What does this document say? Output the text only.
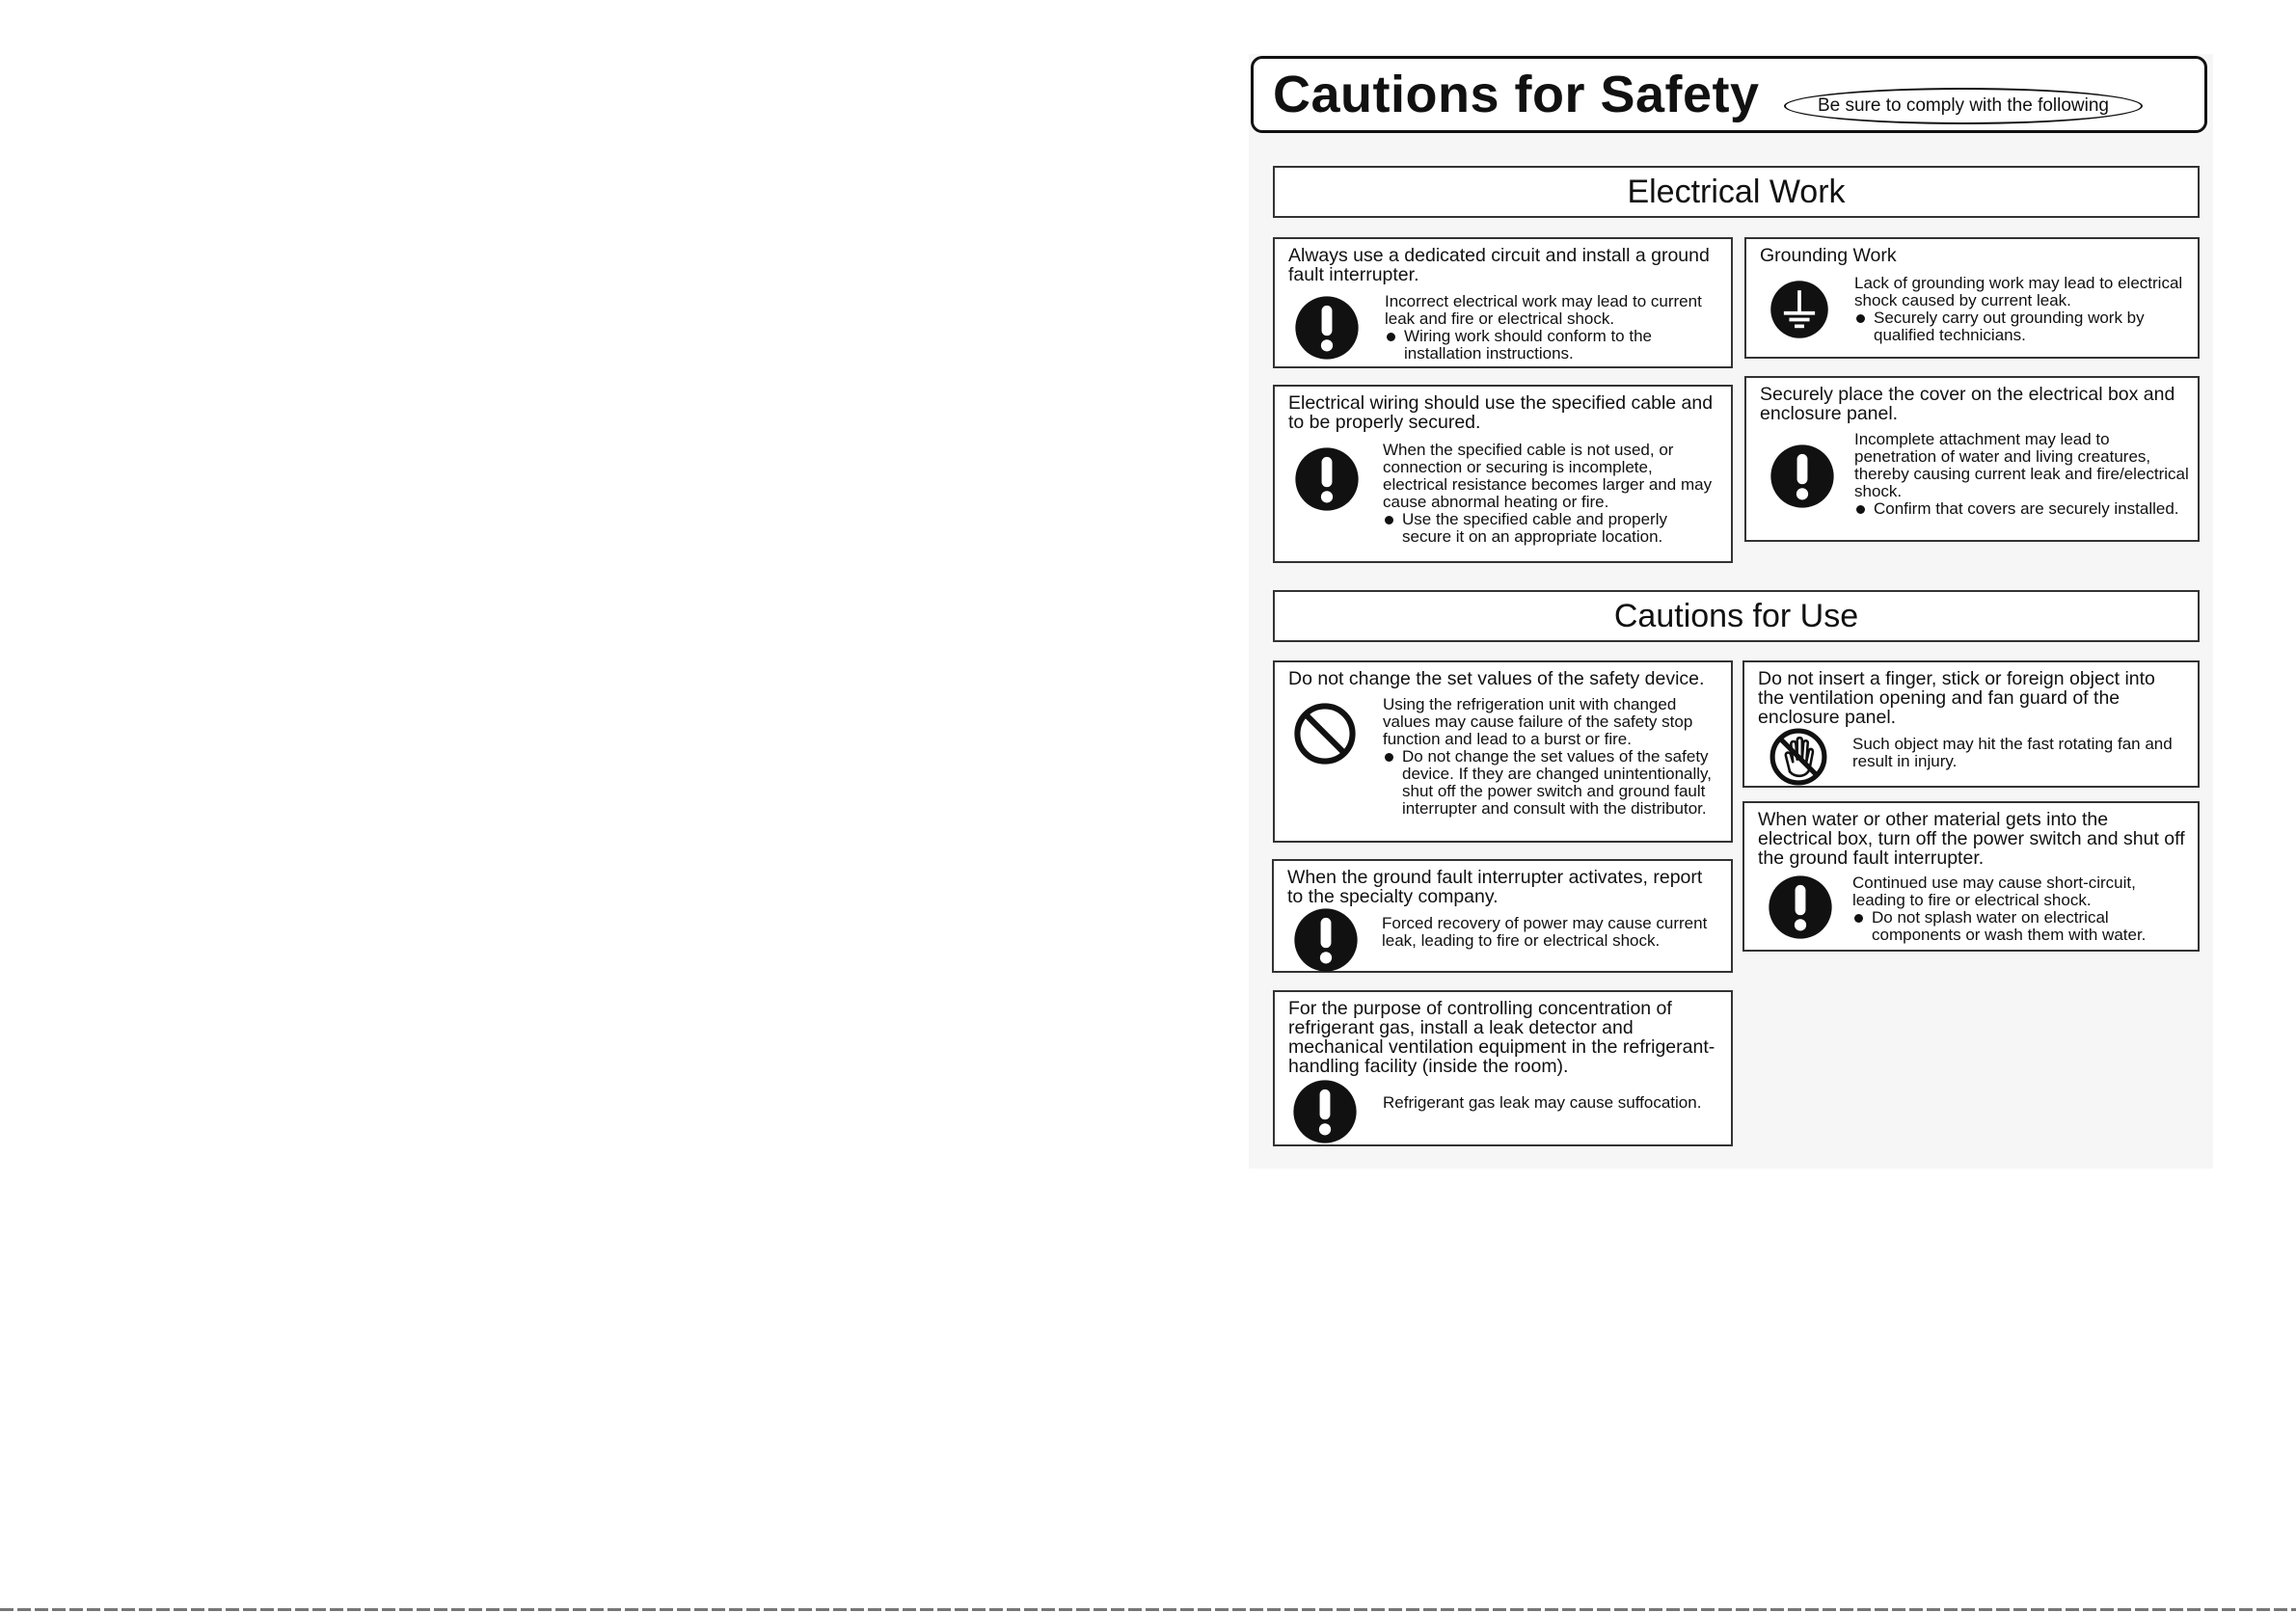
Cautions for Safety	Be sure to comply with the following
Electrical Work
Always use a dedicated circuit and install a ground fault interrupter.

Incorrect electrical work may lead to current leak and fire or electrical shock.

Wiring work should conform to the installation instructions.
Grounding Work

Lack of grounding work may lead to electrical shock caused by current leak.

Securely carry out grounding work by qualified technicians.
Electrical wiring should use the specified cable and to be properly secured.

When the specified cable is not used, or connection or securing is incomplete, electrical resistance becomes larger and may cause abnormal heating or fire.

Use the specified cable and properly secure it on an appropriate location.
Securely place the cover on the electrical box and enclosure panel.

Incomplete attachment may lead to penetration of water and living creatures, thereby causing current leak and fire/electrical shock.

Confirm that covers are securely installed.
Cautions for Use
Do not change the set values of the safety device.

Using the refrigeration unit with changed values may cause failure of the safety stop function and lead to a burst or fire.

Do not change the set values of the safety device. If they are changed unintentionally, shut off the power switch and ground fault interrupter and consult with the distributor.
Do not insert a finger, stick or foreign object into the ventilation opening and fan guard of the enclosure panel.

Such object may hit the fast rotating fan and result in injury.

When the ground fault interrupter activates, report to the specialty company.

Forced recovery of power may cause current leak, leading to fire or electrical shock.

When water or other material gets into the electrical box, turn off the power switch and shut off the ground fault interrupter.

Continued use may cause short-circuit, leading to fire or electrical shock.

Do not splash water on electrical components or wash them with water.
For the purpose of controlling concentration of refrigerant gas, install a leak detector and mechanical ventilation equipment in the refrigerant-handling facility (inside the room).

Refrigerant gas leak may cause suffocation.
